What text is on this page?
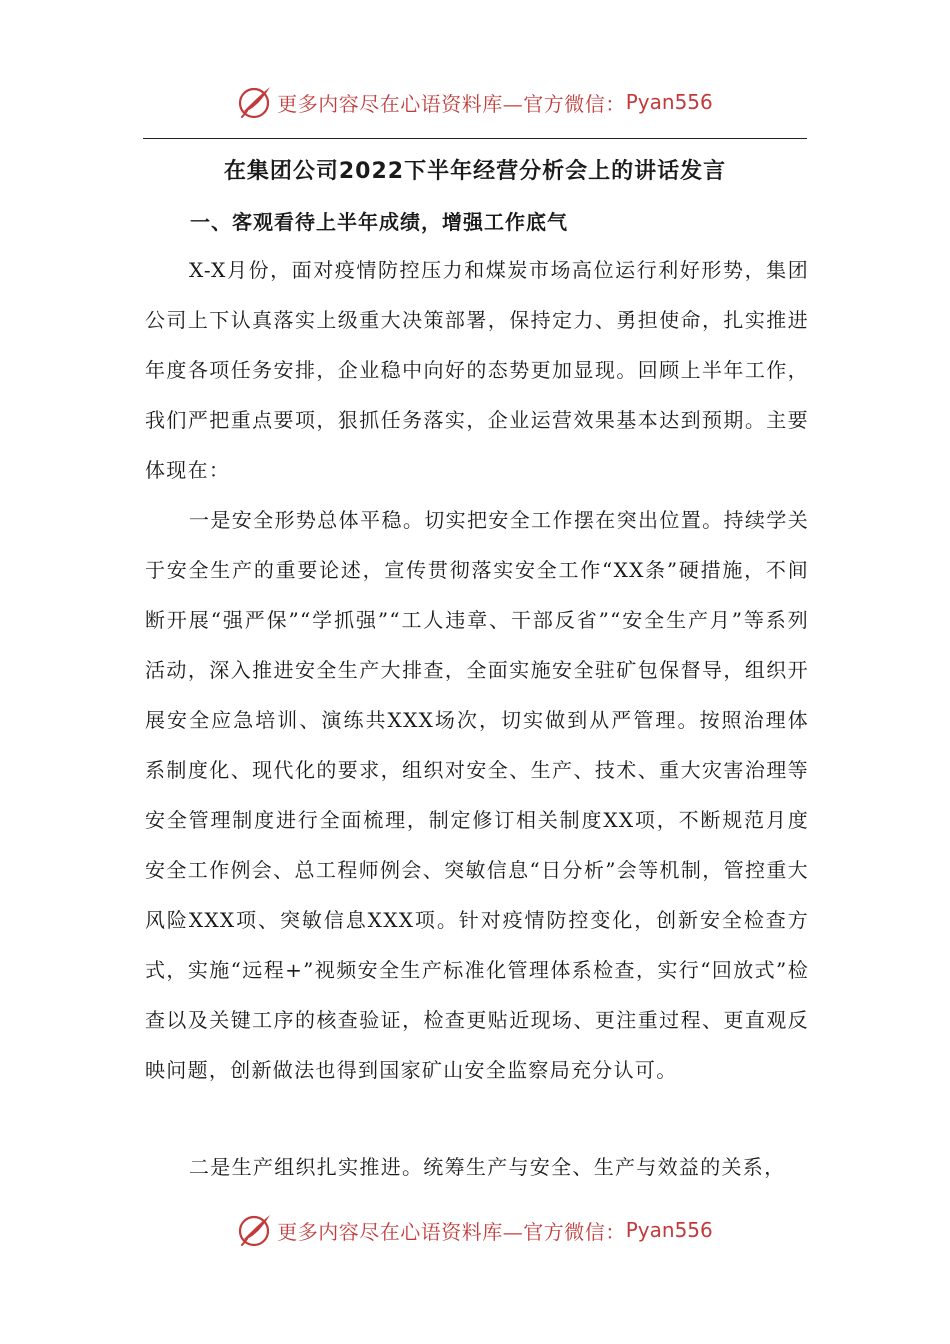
更多内容尽在心语资料库—官方微信： Pyan556
在集团公司2022下半年经营分析会上的讲话发言
一、客观看待上半年成绩，增强工作底气

X-X月份，面对疫情防控压力和煤炭市场高位运行利好形势，集团公司上下认真落实上级重大决策部署，保持定力、勇担使命，扎实推进年度各项任务安排，企业稳中向好的态势更加显现。回顾上半年工作，我们严把重点要项，狠抓任务落实，企业运营效果基本达到预期。主要体现在：

一是安全形势总体平稳。切实把安全工作摆在突出位置。持续学关于安全生产的重要论述，宣传贯彻落实安全工作“XX条”硬措施，不间断开展“强严保”“学抓强”“工人违章、干部反省”“安全生产月”等系列活动，深入推进安全生产大排查，全面实施安全驻矿包保督导，组织开展安全应急培训、演练共XXX场次，切实做到从严管理。按照治理体系制度化、现代化的要求，组织对安全、生产、技术、重大灾害治理等安全管理制度进行全面梳理，制定修订相关制度XX项，不断规范月度安全工作例会、总工程师例会、突敏信息“日分析”会等机制，管控重大风险XXX项、突敏信息XXX项。针对疫情防控变化，创新安全检查方式，实施“远程+”视频安全生产标准化管理体系检查，实行“回放式”检查以及关键工序的核查验证，检查更贴近现场、更注重过程、更直观反映问题，创新做法也得到国家矿山安全监察局充分认可。

二是生产组织扎实推进。统筹生产与安全、生产与效益的关系，

更多内容尽在心语资料库—官方微信： Pyan556
